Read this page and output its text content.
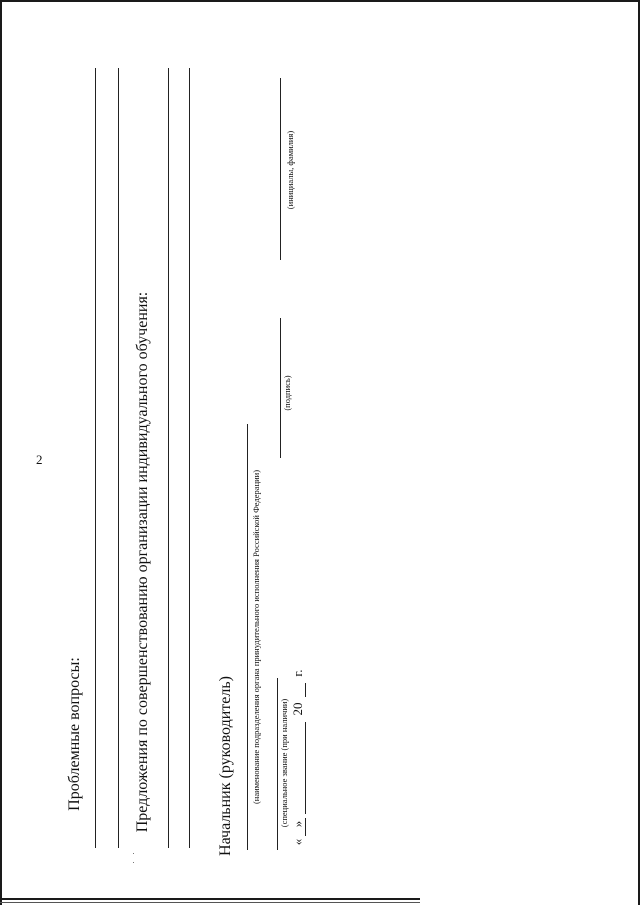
2
Проблемные вопросы:	Предложения по совершенствованию организации индивидуального обучения:	Начальник (руководитель) (наименование подразделения органа принудительного исполнения Российской Федерации) (специальное звание (при наличии)
(подпись)
(инициалы, фамилия)
«
»
20
г.
